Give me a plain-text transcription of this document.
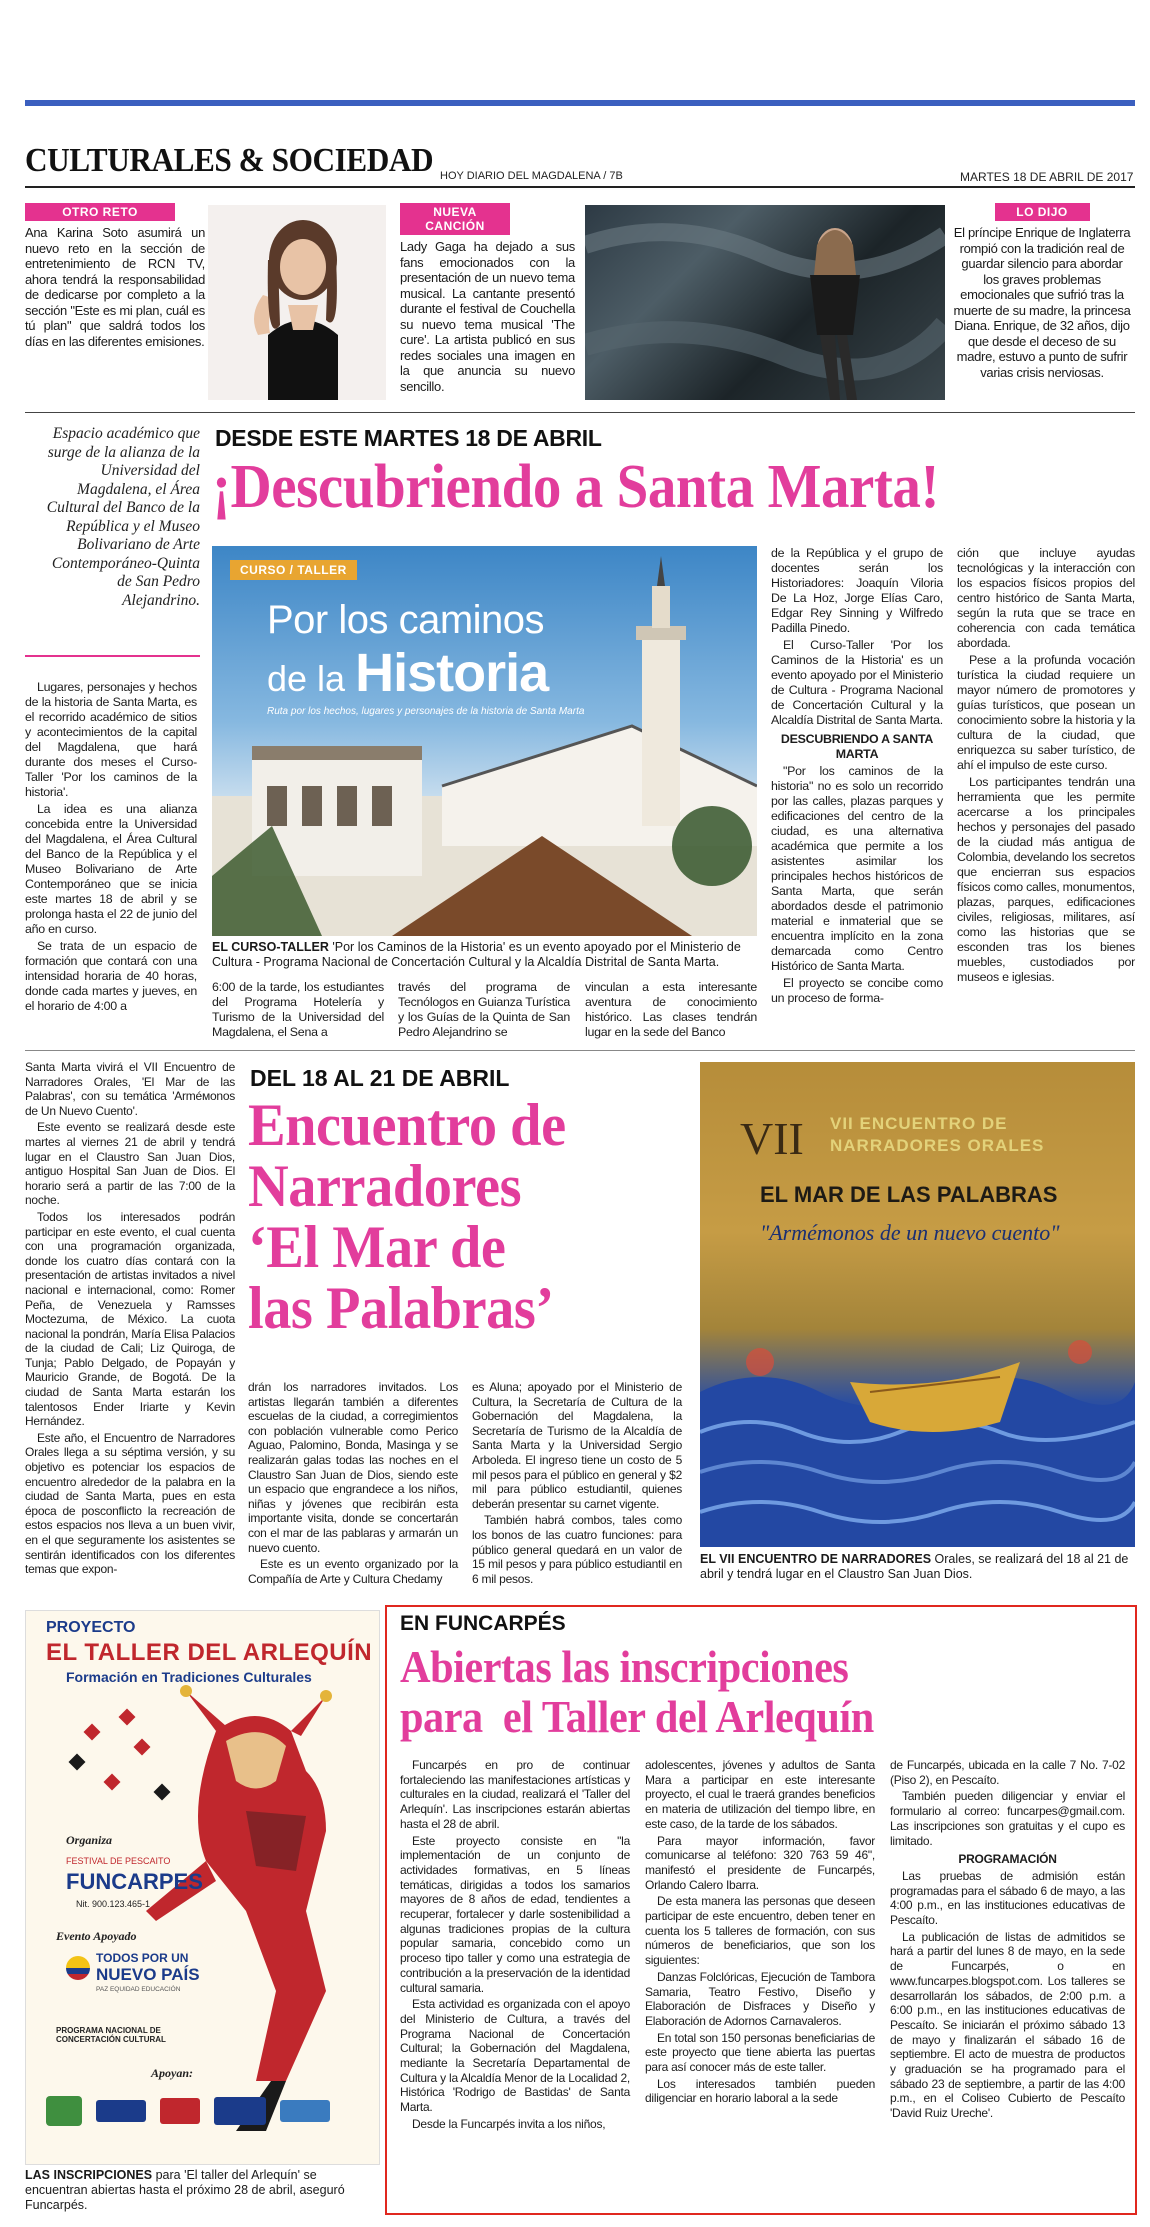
CULTURALES & SOCIEDAD HOY DIARIO DEL MAGDALENA / 7B	MARTES 18 DE ABRIL DE 2017
OTRO RETO
Ana Karina Soto asumirá un nuevo reto en la sección de entretenimiento de RCN TV, ahora tendrá la responsabilidad de dedicarse por completo a la sección "Este es mi plan, cuál es tú plan" que saldrá todos los días en las diferentes emisiones.
NUEVA CANCIÓN
Lady Gaga ha dejado a sus fans emocionados con la presentación de un nuevo tema musical. La cantante presentó durante el festival de Couchella su nuevo tema musical 'The cure'. La artista publicó en sus redes sociales una imagen en la que anuncia su nuevo sencillo.
LO DIJO
El príncipe Enrique de Inglaterra rompió con la tradición real de guardar silencio para abordar los graves problemas emocionales que sufrió tras la muerte de su madre, la princesa Diana. Enrique, de 32 años, dijo que desde el deceso de su madre, estuvo a punto de sufrir varias crisis nerviosas.
Espacio académico que surge de la alianza de la Universidad del Magdalena, el Área Cultural del Banco de la República y el Museo Bolivariano de Arte Contemporáneo-Quinta de San Pedro Alejandrino.
DESDE ESTE MARTES 18 DE ABRIL
¡Descubriendo a Santa Marta!
CURSO / TALLER
Por los caminos
de la Historia
Ruta por los hechos, lugares y personajes de la historia de Santa Marta
EL CURSO-TALLER 'Por los Caminos de la Historia' es un evento apoyado por el Ministerio de Cultura - Programa Nacional de Concertación Cultural y la Alcaldía Distrital de Santa Marta.

Lugares, personajes y hechos de la historia de Santa Marta, es el recorrido académico de sitios y acontecimientos de la capital del Magdalena, que hará durante dos meses el Curso-Taller 'Por los caminos de la historia'.

La idea es una alianza concebida entre la Universidad del Magdalena, el Área Cultural del Banco de la República y el Museo Bolivariano de Arte Contemporáneo que se inicia este martes 18 de abril y se prolonga hasta el 22 de junio del año en curso.

Se trata de un espacio de formación que contará con una intensidad horaria de 40 horas, donde cada martes y jueves, en el horario de 4:00 a

6:00 de la tarde, los estudiantes del Programa Hotelería y Turismo de la Universidad del Magdalena, el Sena a

través del programa de Tecnólogos en Guianza Turística y los Guías de la Quinta de San Pedro Alejandrino se

vinculan a esta interesante aventura de conocimiento histórico. Las clases tendrán lugar en la sede del Banco

de la República y el grupo de docentes serán los Historiadores: Joaquín Viloria De La Hoz, Jorge Elías Caro, Edgar Rey Sinning y Wilfredo Padilla Pinedo.

El Curso-Taller 'Por los Caminos de la Historia' es un evento apoyado por el Ministerio de Cultura - Programa Nacional de Concertación Cultural y la Alcaldía Distrital de Santa Marta.

DESCUBRIENDO A SANTA MARTA

"Por los caminos de la historia" no es solo un recorrido por las calles, plazas parques y edificaciones del centro de la ciudad, es una alternativa académica que permite a los asistentes asimilar los principales hechos históricos de Santa Marta, que serán abordados desde el patrimonio material e inmaterial que se encuentra implícito en la zona demarcada como Centro Histórico de Santa Marta.

El proyecto se concibe como un proceso de forma-

ción que incluye ayudas tecnológicas y la interacción con los espacios físicos propios del centro histórico de Santa Marta, según la ruta que se trace en coherencia con cada temática abordada.

Pese a la profunda vocación turística la ciudad requiere un mayor número de promotores y guías turísticos, que posean un conocimiento sobre la historia y la cultura de la ciudad, que enriquezca su saber turístico, de ahí el impulso de este curso.

Los participantes tendrán una herramienta que les permite acercarse a los principales hechos y personajes del pasado de la ciudad más antigua de Colombia, develando los secretos que encierran sus espacios físicos como calles, monumentos, plazas, parques, edificaciones civiles, religiosas, militares, así como las historias que se esconden tras los bienes muebles, custodiados por museos e iglesias.

Santa Marta vivirá el VII Encuentro de Narradores Orales, 'El Mar de las Palabras', con su temática 'Arméмonos de Un Nuevo Cuento'.

Este evento se realizará desde este martes al viernes 21 de abril y tendrá lugar en el Claustro San Juan Dios, antiguo Hospital San Juan de Dios. El horario será a partir de las 7:00 de la noche.

Todos los interesados podrán participar en este evento, el cual cuenta con una programación organizada, donde los cuatro días contará con la presentación de artistas invitados a nivel nacional e internacional, como: Romer Peña, de Venezuela y Ramsses Moctezuma, de México. La cuota nacional la pondrán, María Elisa Palacios de la ciudad de Cali; Liz Quiroga, de Tunja; Pablo Delgado, de Popayán y Mauricio Grande, de Bogotá. De la ciudad de Santa Marta estarán los talentosos Ender Iriarte y Kevin Hernández.

Este año, el Encuentro de Narradores Orales llega a su séptima versión, y su objetivo es potenciar los espacios de encuentro alrededor de la palabra en la ciudad de Santa Marta, pues en esta época de posconflicto la recreación de estos espacios nos lleva a un buen vivir, en el que seguramente los asistentes se sentirán identificados con los diferentes temas que expon-

DEL 18 AL 21 DE ABRIL
Encuentro de
Narradores
‘El Mar de
las Palabras’

drán los narradores invitados. Los artistas llegarán también a diferentes escuelas de la ciudad, a corregimientos con población vulnerable como Perico Aguao, Palomino, Bonda, Masinga y se realizarán galas todas las noches en el Claustro San Juan de Dios, siendo este un espacio que engrandece a los niños, niñas y jóvenes que recibirán esta importante visita, donde se concertarán con el mar de las pablaras y armarán un nuevo cuento.

Este es un evento organizado por la Compañía de Arte y Cultura Chedamy

es Aluna; apoyado por el Ministerio de Cultura, la Secretaría de Cultura de la Gobernación del Magdalena, la Secretaría de Turismo de la Alcaldía de Santa Marta y la Universidad Sergio Arboleda. El ingreso tiene un costo de 5 mil pesos para el público en general y $2 mil para público estudiantil, quienes deberán presentar su carnet vigente.

También habrá combos, tales como los bonos de las cuatro funciones: para público general quedará en un valor de 15 mil pesos y para público estudiantil en 6 mil pesos.

VII VII ENCUENTRO DE
NARRADORES ORALES
EL MAR DE LAS PALABRAS
"Armémonos de un nuevo cuento"
EL VII ENCUENTRO DE NARRADORES Orales, se realizará del 18 al 21 de abril y tendrá lugar en el Claustro San Juan Dios.
PROYECTO
EL TALLER DEL ARLEQUÍN
Formación en Tradiciones Culturales
Organiza
FESTIVAL DE PESCAITO
FUNCARPES
Nit. 900.123.465-1
Evento Apoyado
TODOS POR UN
NUEVO PAÍS
PAZ EQUIDAD EDUCACIÓN
PROGRAMA NACIONAL DE CONCERTACIÓN CULTURAL
Apoyan:
LAS INSCRIPCIONES para 'El taller del Arlequín' se encuentran abiertas hasta el próximo 28 de abril, aseguró Funcarpés.
EN FUNCARPÉS
Abiertas las inscripciones
para  el Taller del Arlequín

Funcarpés en pro de continuar fortaleciendo las manifestaciones artísticas y culturales en la ciudad, realizará el 'Taller del Arlequín'. Las inscripciones estarán abiertas hasta el 28 de abril.

Este proyecto consiste en "la implementación de un conjunto de actividades formativas, en 5 líneas temáticas, dirigidas a todos los samarios mayores de 8 años de edad, tendientes a recuperar, fortalecer y darle sostenibilidad a algunas tradiciones propias de la cultura popular samaria, concebido como un proceso tipo taller y como una estrategia de contribución a la preservación de la identidad cultural samaria.

Esta actividad es organizada con el apoyo del Ministerio de Cultura, a través del Programa Nacional de Concertación Cultural; la Gobernación del Magdalena, mediante la Secretaría Departamental de Cultura y la Alcaldía Menor de la Localidad 2, Histórica 'Rodrigo de Bastidas' de Santa Marta.

Desde la Funcarpés invita a los niños,

adolescentes, jóvenes y adultos de Santa Mara a participar en este interesante proyecto, el cual le traerá grandes beneficios en materia de utilización del tiempo libre, en este caso, de la tarde de los sábados.

Para mayor información, favor comunicarse al teléfono: 320 763 59 46", manifestó el presidente de Funcarpés, Orlando Calero Ibarra.

De esta manera las personas que deseen participar de este encuentro, deben tener en cuenta los 5 talleres de formación, con sus números de beneficiarios, que son los siguientes:

Danzas Folclóricas, Ejecución de Tambora Samaria, Teatro Festivo, Diseño y Elaboración de Disfraces y Diseño y Elaboración de Adornos Carnavaleros.

En total son 150 personas beneficiarias de este proyecto que tiene abierta las puertas para así conocer más de este taller.

Los interesados también pueden diligenciar en horario laboral a la sede

de Funcarpés, ubicada en la calle 7 No. 7-02 (Piso 2), en Pescaíto.

También pueden diligenciar y enviar el formulario al correo: funcarpes@gmail.com. Las inscripciones son gratuitas y el cupo es limitado.

PROGRAMACIÓN

Las pruebas de admisión están programadas para el sábado 6 de mayo, a las 4:00 p.m., en las instituciones educativas de Pescaíto.

La publicación de listas de admitidos se hará a partir del lunes 8 de mayo, en la sede de Funcarpés, o en www.funcarpes.blogspot.com. Los talleres se desarrollarán los sábados, de 2:00 p.m. a 6:00 p.m., en las instituciones educativas de Pescaíto. Se iniciarán el próximo sábado 13 de mayo y finalizarán el sábado 16 de septiembre. El acto de muestra de productos y graduación se ha programado para el sábado 23 de septiembre, a partir de las 4:00 p.m., en el Coliseo Cubierto de Pescaíto 'David Ruiz Ureche'.
